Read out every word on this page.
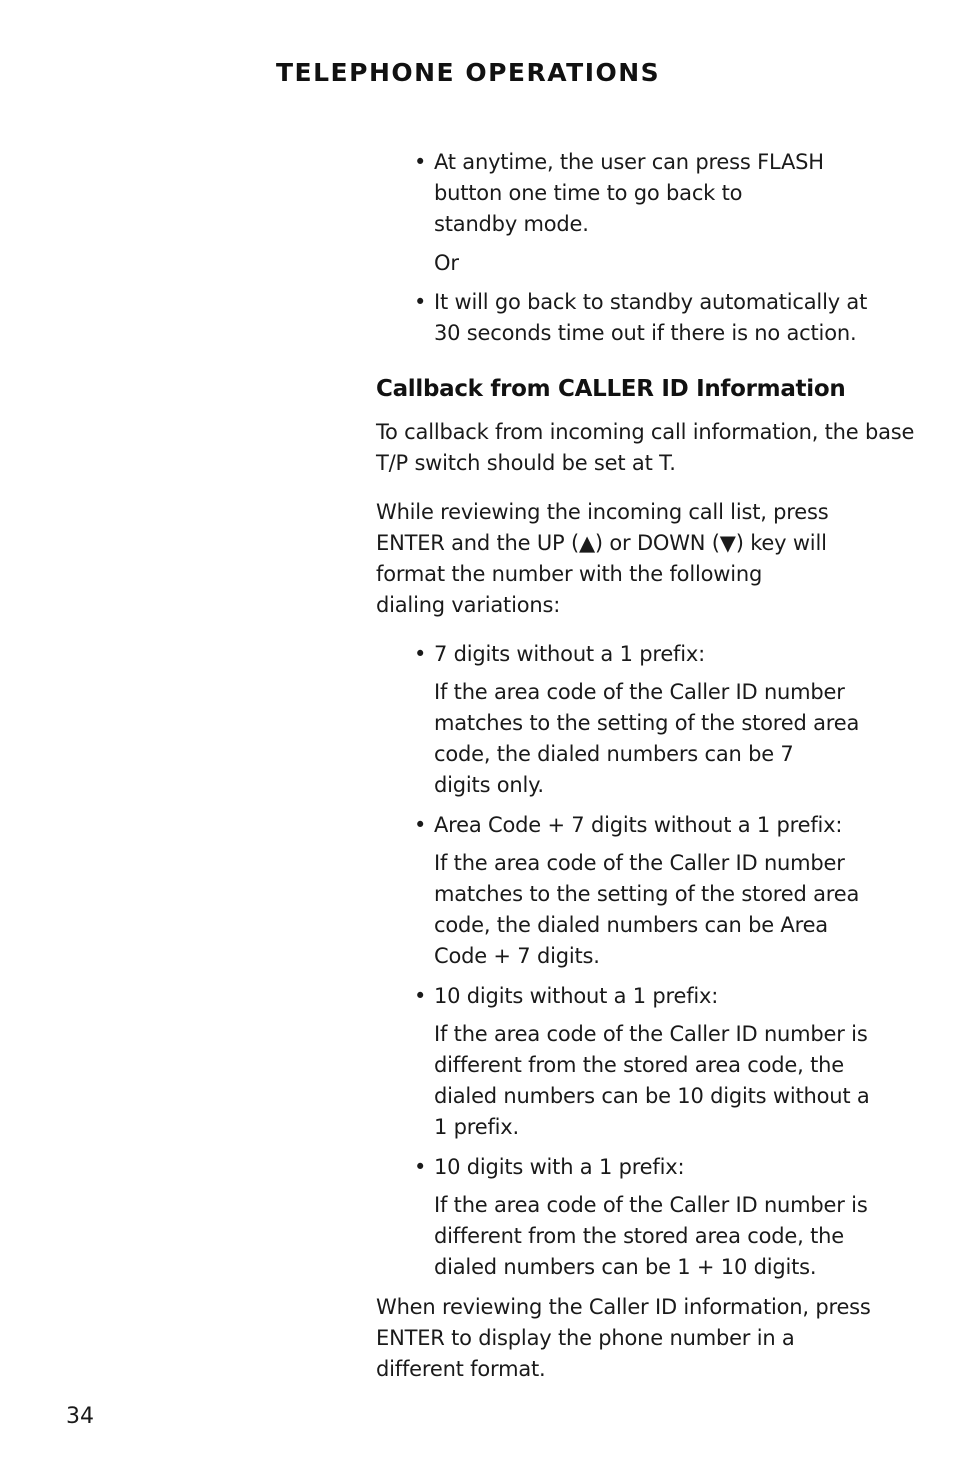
TELEPHONE OPERATIONS
• At anytime, the user can press FLASH
button one time to go back to
standby mode.
Or
• It will go back to standby automatically at
30 seconds time out if there is no action.
Callback from CALLER ID Information
To callback from incoming call information, the base
T/P switch should be set at T.
While reviewing the incoming call list, press
ENTER and the UP (▲) or DOWN (▼) key will
format the number with the following
dialing variations:
• 7 digits without a 1 prefix:
If the area code of the Caller ID number
matches to the setting of the stored area
code, the dialed numbers can be 7
digits only.
• Area Code + 7 digits without a 1 prefix:
If the area code of the Caller ID number
matches to the setting of the stored area
code, the dialed numbers can be Area
Code + 7 digits.
• 10 digits without a 1 prefix:
If the area code of the Caller ID number is
different from the stored area code, the
dialed numbers can be 10 digits without a
1 prefix.
• 10 digits with a 1 prefix:
If the area code of the Caller ID number is
different from the stored area code, the
dialed numbers can be 1 + 10 digits.
When reviewing the Caller ID information, press
ENTER to display the phone number in a
different format.
34
